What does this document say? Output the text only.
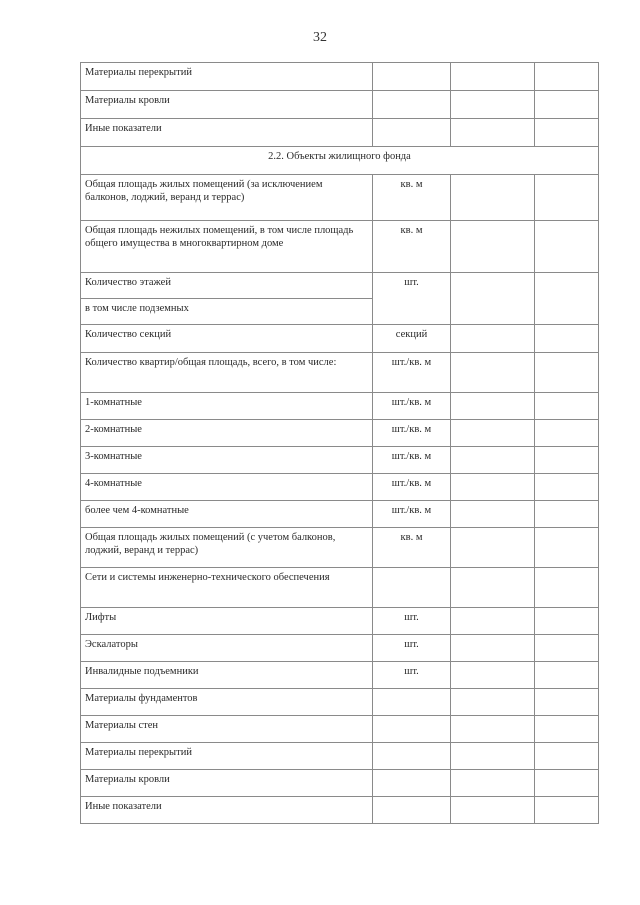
32
Материалы перекрытий			
Материалы кровли			
Иные показатели			
2.2. Объекты жилищного фонда			
Общая площадь жилых помещений (за исключением балконов, лоджий, веранд и террас)	кв. м		
Общая площадь нежилых помещений, в том числе площадь общего имущества в многоквартирном доме	кв. м		
Количество этажей	шт.		
в том числе подземных			
Количество секций	секций		
Количество квартир/общая площадь, всего, в том числе:	шт./кв. м		
1-комнатные	шт./кв. м		
2-комнатные	шт./кв. м		
3-комнатные	шт./кв. м		
4-комнатные	шт./кв. м		
более чем 4-комнатные	шт./кв. м		
Общая площадь жилых помещений (с учетом балконов, лоджий, веранд и террас)	кв. м		
Сети и системы инженерно-технического обеспечения			
Лифты	шт.		
Эскалаторы	шт.		
Инвалидные подъемники	шт.		
Материалы фундаментов			
Материалы стен			
Материалы перекрытий			
Материалы кровли			
Иные показатели			
